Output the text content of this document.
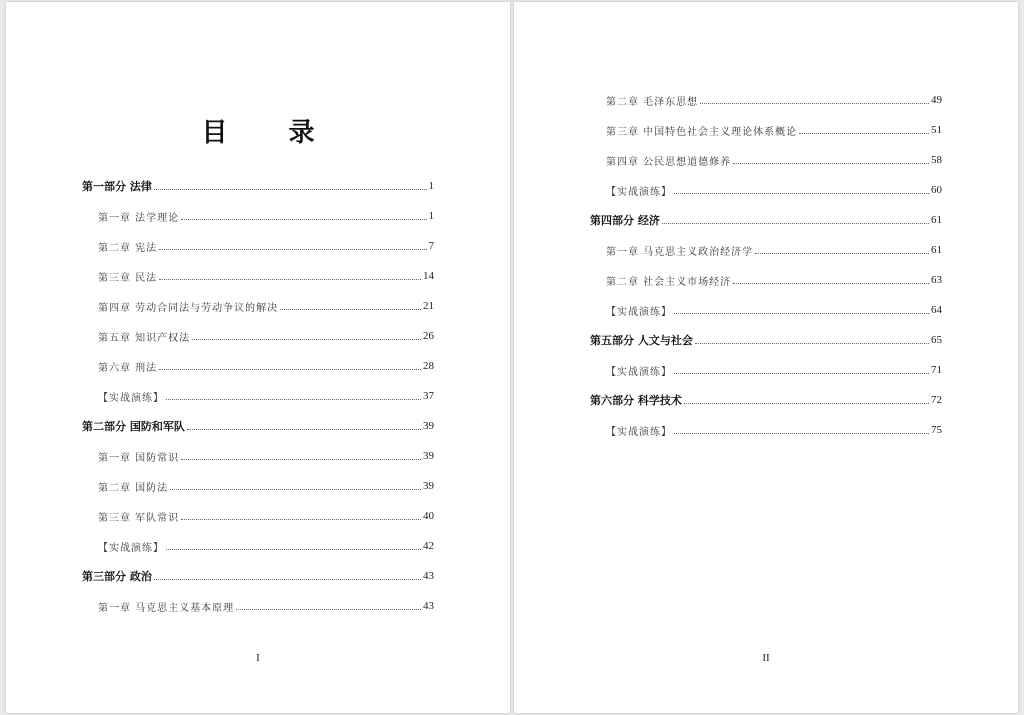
目 录
第一部分 法律	1
第一章 法学理论	1
第二章 宪法	7
第三章 民法	14
第四章 劳动合同法与劳动争议的解决	21
第五章 知识产权法	26
第六章 刑法	28
【实战演练】	37
第二部分 国防和军队	39
第一章 国防常识	39
第二章 国防法	39
第三章 军队常识	40
【实战演练】	42
第三部分 政治	43
第一章 马克思主义基本原理	43
I
第二章 毛泽东思想	49
第三章 中国特色社会主义理论体系概论	51
第四章 公民思想道德修养	58
【实战演练】	60
第四部分 经济	61
第一章 马克思主义政治经济学	61
第二章 社会主义市场经济	63
【实战演练】	64
第五部分 人文与社会	65
【实战演练】	71
第六部分 科学技术	72
【实战演练】	75
II
